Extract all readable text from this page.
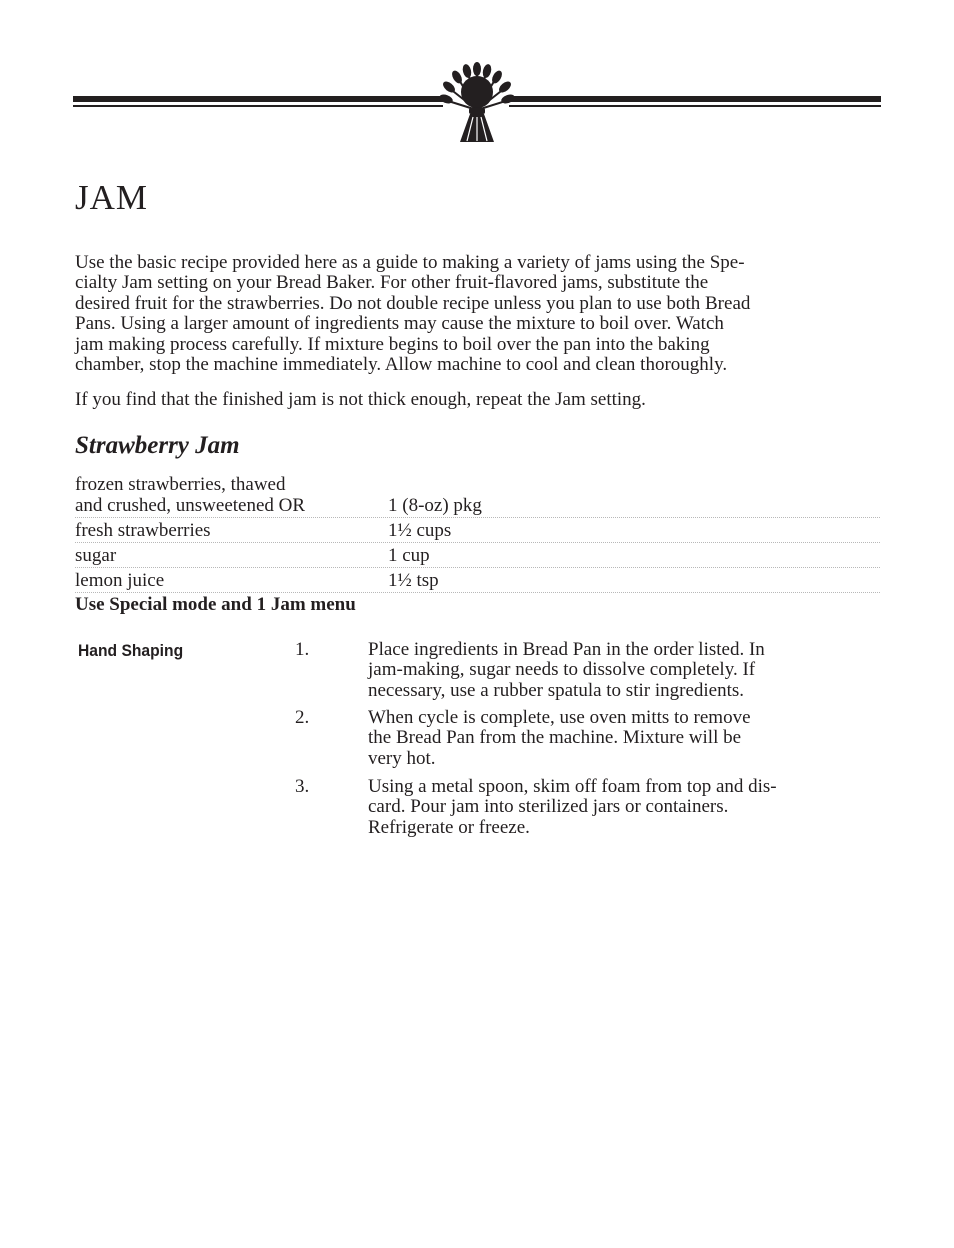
JAM

Use the basic recipe provided here as a guide to making a variety of jams using the Spe-
cialty Jam setting on your Bread Baker. For other fruit-flavored jams, substitute the
desired fruit for the strawberries. Do not double recipe unless you plan to use both Bread
Pans. Using a larger amount of ingredients may cause the mixture to boil over. Watch
jam making process carefully. If mixture begins to boil over the pan into the baking
chamber, stop the machine immediately. Allow machine to cool and clean thoroughly.

If you find that the finished jam is not thick enough, repeat the Jam setting.

Strawberry Jam
frozen strawberries, thawed
and crushed, unsweetened OR	1 (8-oz) pkg
fresh strawberries	1½ cups
sugar	1 cup
lemon juice	1½ tsp

Use Special mode and 1 Jam menu

Hand Shaping	1.	Place ingredients in Bread Pan in the order listed. In
jam-making, sugar needs to dissolve completely. If
necessary, use a rubber spatula to stir ingredients.
2.	When cycle is complete, use oven mitts to remove
the Bread Pan from the machine. Mixture will be
very hot.
3.	Using a metal spoon, skim off foam from top and dis-
card. Pour jam into sterilized jars or containers.
Refrigerate or freeze.
